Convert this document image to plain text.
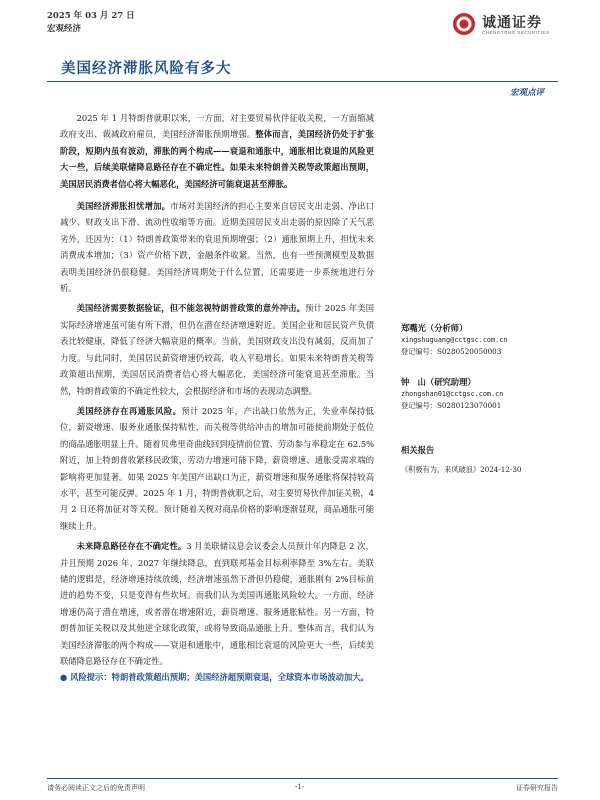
2025 年 03 月 27 日
宏观经济	诚通证券
CHENGTONG SECURITIES
美国经济滞胀风险有多大
宏观点评

2025 年 1 月特朗普就职以来，一方面，对主要贸易伙伴征收关税，一方面缩减政府支出、裁减政府雇员，美国经济滞胀预期增强。整体而言，美国经济仍处于扩张阶段，短期内虽有波动，滞胀的两个构成——衰退和通胀中，通胀相比衰退的风险更大一些，后续美联储降息路径存在不确定性。如果未来特朗普关税等政策超出预期，美国居民消费者信心将大幅恶化，美国经济可能衰退甚至滞胀。

美国经济滞胀担忧增加。市场对美国经济的担心主要来自居民支出走弱、净出口减少、财政支出下滑、流动性收缩等方面。近期美国居民支出走弱的原因除了天气恶劣外，还因为：（1）特朗普政策带来的衰退预期增强；（2）通胀预期上升，担忧未来消费成本增加；（3）资产价格下跌，金融条件收紧。当然，也有一些预测模型及数据表明美国经济仍很稳健。美国经济周期处于什么位置，还需要进一步系统地进行分析。

美国经济需要数据验证，但不能忽视特朗普政策的意外冲击。预计 2025 年美国实际经济增速虽可能有所下滑，但仍在潜在经济增速附近。美国企业和居民资产负债表比较健康，降低了经济大幅衰退的概率。当前，美国财政支出没有减弱，反而加了力度。与此同时，美国居民薪资增速仍较高，收入平稳增长。如果未来特朗普关税等政策超出预期，美国居民消费者信心将大幅恶化，美国经济可能衰退甚至滞胀。当然，特朗普政策的不确定性较大，会根据经济和市场的表现动态调整。

美国经济存在再通胀风险。预计 2025 年，产出缺口依然为正，失业率保持低位，薪资增速、服务业通胀保持粘性，而关税等供给冲击的增加可能使前期处于低位的商品通胀明显上升。随着贝弗里奇曲线回到疫情前位置、劳动参与率稳定在 62.5%附近，加上特朗普收紧移民政策，劳动力增速可能下降，薪资增速、通胀受需求端的影响将更加显著。如果 2025 年美国产出缺口为正，薪资增速和服务通胀将保持较高水平，甚至可能反弹。2025 年 1 月，特朗普就职之后，对主要贸易伙伴加征关税，4 月 2 日还将加征对等关税。预计随着关税对商品价格的影响逐渐显现，商品通胀可能继续上升。

未来降息路径存在不确定性。3 月美联储议息会议委会人员预计年内降息 2 次，并且预期 2026 年、2027 年继续降息，直到联邦基金目标利率降至 3%左右。美联储的逻辑是，经济增速持续放缓，经济增速虽然下滑但仍稳健，通胀刚有 2%目标前进的趋势不变，只是变得有些坎坷。而我们认为美国再通胀风险较大。一方面，经济增速仍高于潜在增速，或者潜在增速附近，薪资增速、服务通胀粘性。另一方面，特朗普加征关税以及其他逆全球化政策，或将导致商品通胀上升。整体而言，我们认为美国经济滞胀的两个构成——衰退和通胀中，通胀相比衰退的风险更大一些，后续美联储降息路径存在不确定性。

● 风险提示：特朗普政策超出预期；美国经济超预期衰退，全球资本市场波动加大。

郑嘴光（分析师）
xingshuguang@cctgsc.com.cn
登记编号：S0280520050003
钟　山（研究助理）
zhongshan01@cctgsc.com.cn
登记编号：S0280123070001
相关报告
《积极有为，来风破浪》2024-12-30
请务必阅读正文之后的免责声明	-1-	证券研究报告
